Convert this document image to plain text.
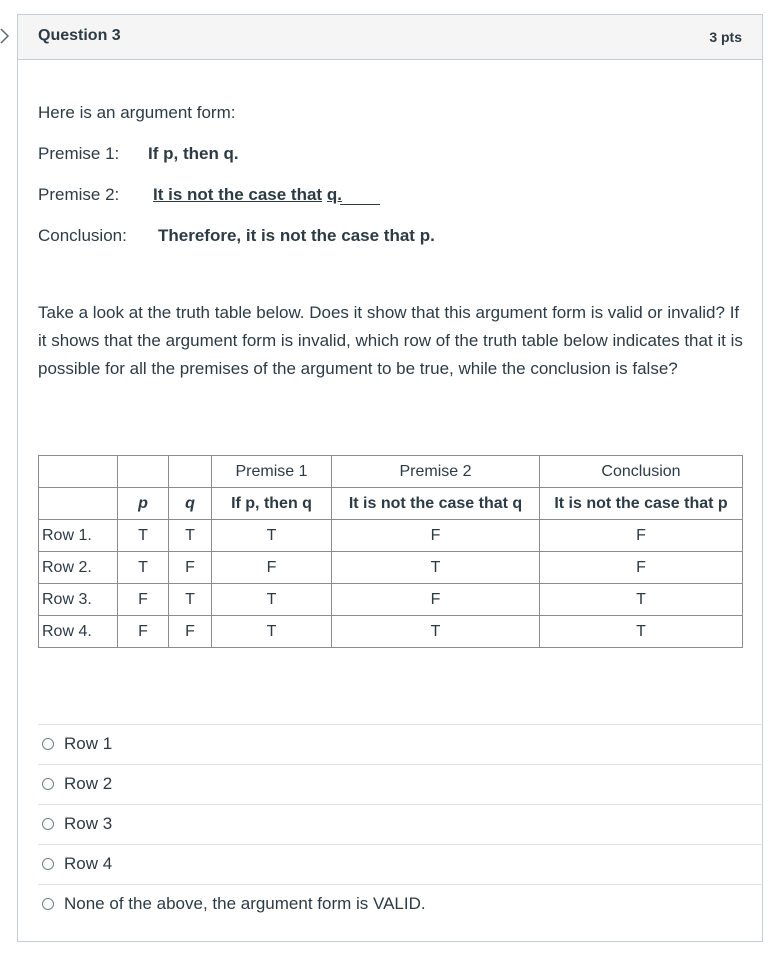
Question 3	3 pts
Here is an argument form:
Premise 1: If p, then q.
Premise 2: It is not the case that q.
Conclusion: Therefore, it is not the case that p.
Take a look at the truth table below. Does it show that this argument form is valid or invalid? If it shows that the argument form is invalid, which row of the truth table below indicates that it is possible for all the premises of the argument to be true, while the conclusion is false?
			Premise 1	Premise 2	Conclusion
	p	q	If p, then q	It is not the case that q	It is not the case that p
Row 1.	T	T	T	F	F
Row 2.	T	F	F	T	F
Row 3.	F	T	T	F	T
Row 4.	F	F	T	T	T
Row 1
Row 2
Row 3
Row 4
None of the above, the argument form is VALID.
